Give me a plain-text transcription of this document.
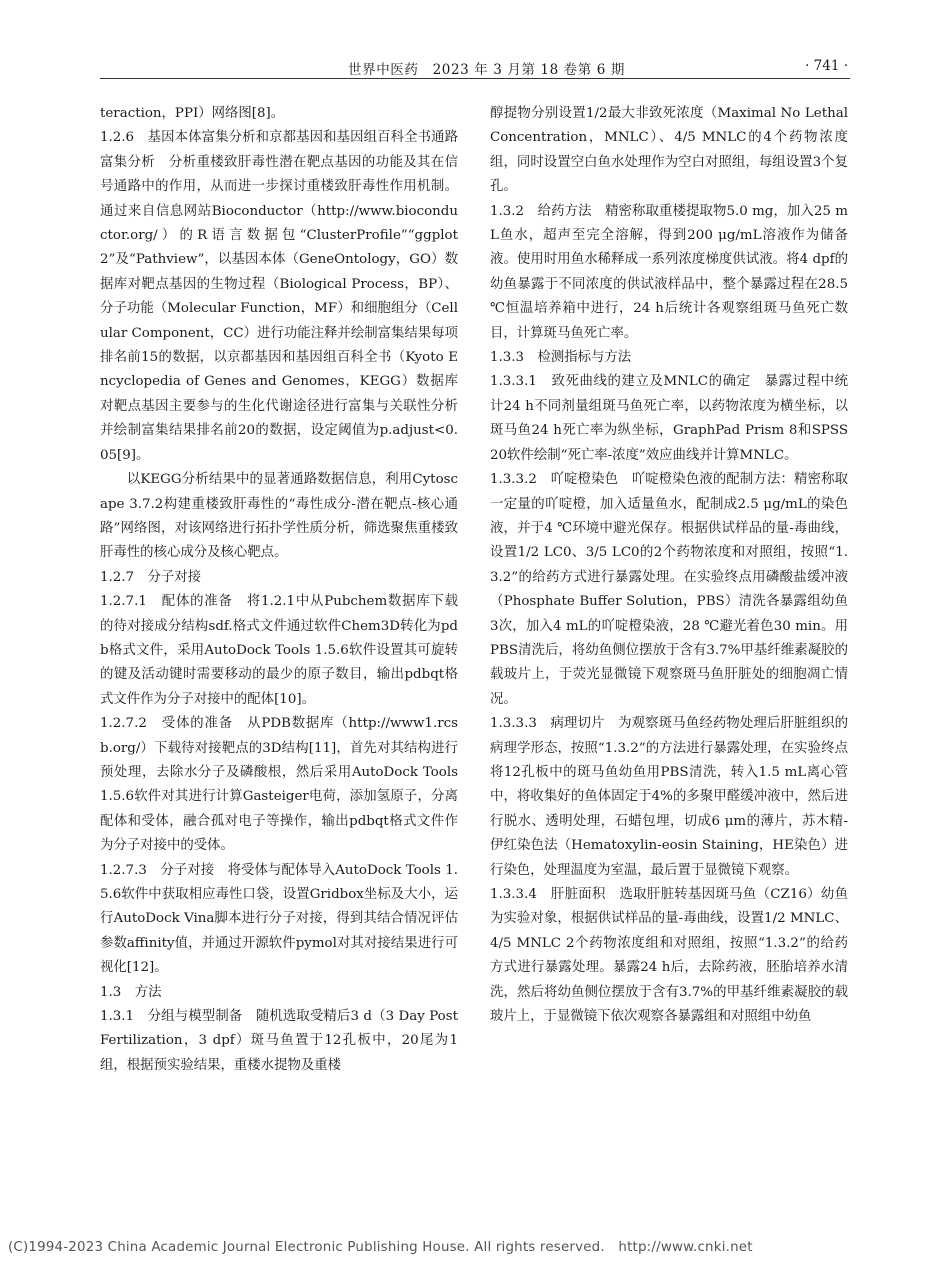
世界中医药　2023 年 3 月第 18 卷第 6 期	· 741 ·

teraction，PPI）网络图[8]。

1.2.6　基因本体富集分析和京都基因和基因组百科全书通路富集分析　分析重楼致肝毒性潜在靶点基因的功能及其在信号通路中的作用，从而进一步探讨重楼致肝毒性作用机制。通过来自信息网站Bioconductor（http://www.bioconductor.org/）的R语言数据包“ClusterProfile”“ggplot2”及“Pathview”，以基因本体（GeneOntology，GO）数据库对靶点基因的生物过程（Biological Process，BP）、分子功能（Molecular Function，MF）和细胞组分（Cellular Component，CC）进行功能注释并绘制富集结果每项排名前15的数据，以京都基因和基因组百科全书（Kyoto Encyclopedia of Genes and Genomes，KEGG）数据库对靶点基因主要参与的生化代谢途径进行富集与关联性分析并绘制富集结果排名前20的数据，设定阈值为p.adjust<0.05[9]。

以KEGG分析结果中的显著通路数据信息，利用Cytoscape 3.7.2构建重楼致肝毒性的“毒性成分-潜在靶点-核心通路”网络图，对该网络进行拓扑学性质分析，筛选聚焦重楼致肝毒性的核心成分及核心靶点。

1.2.7　分子对接

1.2.7.1　配体的准备　将1.2.1中从Pubchem数据库下载的待对接成分结构sdf.格式文件通过软件Chem3D转化为pdb格式文件，采用AutoDock Tools 1.5.6软件设置其可旋转的键及活动键时需要移动的最少的原子数目，输出pdbqt格式文件作为分子对接中的配体[10]。

1.2.7.2　受体的准备　从PDB数据库（http://www1.rcsb.org/）下载待对接靶点的3D结构[11]，首先对其结构进行预处理，去除水分子及磷酸根，然后采用AutoDock Tools 1.5.6软件对其进行计算Gasteiger电荷，添加氢原子，分离配体和受体，融合孤对电子等操作，输出pdbqt格式文件作为分子对接中的受体。

1.2.7.3　分子对接　将受体与配体导入AutoDock Tools 1.5.6软件中获取相应毒性口袋，设置Gridbox坐标及大小，运行AutoDock Vina脚本进行分子对接，得到其结合情况评估参数affinity值，并通过开源软件pymol对其对接结果进行可视化[12]。

1.3　方法

1.3.1　分组与模型制备　随机选取受精后3 d（3 Day Post Fertilization，3 dpf）斑马鱼置于12孔板中，20尾为1组，根据预实验结果，重楼水提物及重楼

醇提物分别设置1/2最大非致死浓度（Maximal No Lethal Concentration，MNLC）、4/5 MNLC的4个药物浓度组，同时设置空白鱼水处理作为空白对照组，每组设置3个复孔。

1.3.2　给药方法　精密称取重楼提取物5.0 mg，加入25 mL鱼水，超声至完全溶解，得到200 μg/mL溶液作为储备液。使用时用鱼水稀释成一系列浓度梯度供试液。将4 dpf的幼鱼暴露于不同浓度的供试液样品中，整个暴露过程在28.5 ℃恒温培养箱中进行，24 h后统计各观察组斑马鱼死亡数目，计算斑马鱼死亡率。

1.3.3　检测指标与方法

1.3.3.1　致死曲线的建立及MNLC的确定　暴露过程中统计24 h不同剂量组斑马鱼死亡率，以药物浓度为横坐标，以斑马鱼24 h死亡率为纵坐标，GraphPad Prism 8和SPSS 20软件绘制“死亡率-浓度”效应曲线并计算MNLC。

1.3.3.2　吖啶橙染色　吖啶橙染色液的配制方法：精密称取一定量的吖啶橙，加入适量鱼水，配制成2.5 μg/mL的染色液，并于4 ℃环境中避光保存。根据供试样品的量-毒曲线，设置1/2 LC0、3/5 LC0的2个药物浓度和对照组，按照“1.3.2”的给药方式进行暴露处理。在实验终点用磷酸盐缓冲液（Phosphate Buffer Solution，PBS）清洗各暴露组幼鱼3次，加入4 mL的吖啶橙染液，28 ℃避光着色30 min。用PBS清洗后，将幼鱼侧位摆放于含有3.7%甲基纤维素凝胶的载玻片上，于荧光显微镜下观察斑马鱼肝脏处的细胞凋亡情况。

1.3.3.3　病理切片　为观察斑马鱼经药物处理后肝脏组织的病理学形态，按照“1.3.2”的方法进行暴露处理，在实验终点将12孔板中的斑马鱼幼鱼用PBS清洗，转入1.5 mL离心管中，将收集好的鱼体固定于4%的多聚甲醛缓冲液中，然后进行脱水、透明处理，石蜡包埋，切成6 μm的薄片，苏木精-伊红染色法（Hematoxylin-eosin Staining，HE染色）进行染色，处理温度为室温，最后置于显微镜下观察。

1.3.3.4　肝脏面积　选取肝脏转基因斑马鱼（CZ16）幼鱼为实验对象，根据供试样品的量-毒曲线，设置1/2 MNLC、4/5 MNLC 2个药物浓度组和对照组，按照“1.3.2”的给药方式进行暴露处理。暴露24 h后，去除药液，胚胎培养水清洗，然后将幼鱼侧位摆放于含有3.7%的甲基纤维素凝胶的载玻片上，于显微镜下依次观察各暴露组和对照组中幼鱼

(C)1994-2023 China Academic Journal Electronic Publishing House. All rights reserved.　http://www.cnki.net
